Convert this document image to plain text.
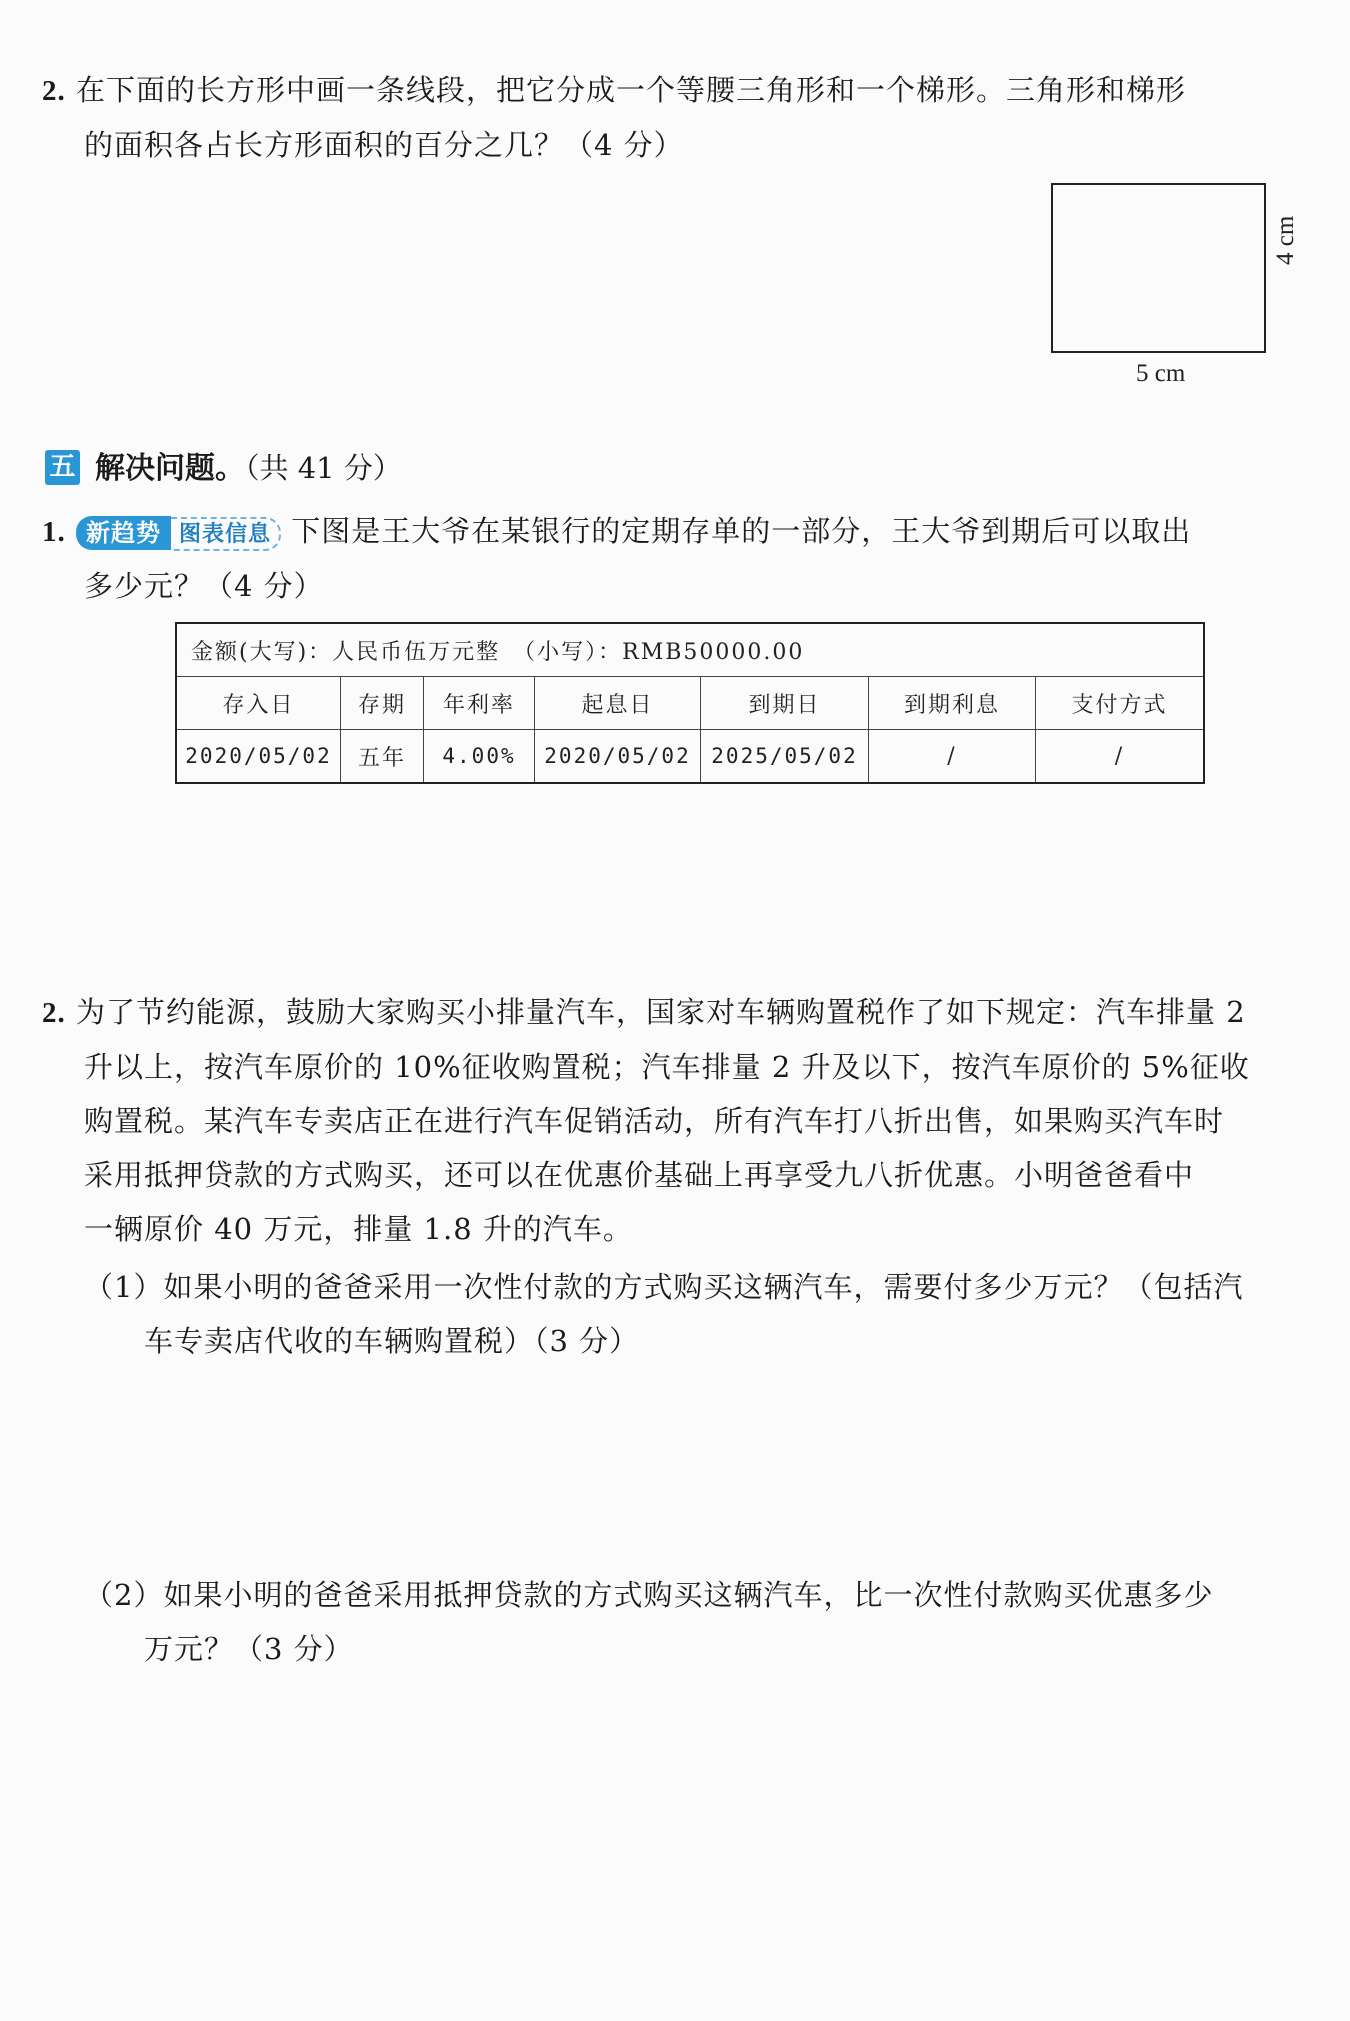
2. 在下面的长方形中画一条线段，把它分成一个等腰三角形和一个梯形。三角形和梯形
的面积各占长方形面积的百分之几？（4 分）
5 cm
4 cm
五 解决问题。（共 41 分）
1. 新趋势 图表信息 下图是王大爷在某银行的定期存单的一部分，王大爷到期后可以取出
多少元？（4 分）
金额(大写)：人民币伍万元整　（小写）：RMB50000.00						
存入日	存期	年利率	起息日	到期日	到期利息	支付方式
2020/05/02	五年	4.00%	2020/05/02	2025/05/02	/	/
2. 为了节约能源，鼓励大家购买小排量汽车，国家对车辆购置税作了如下规定：汽车排量 2
升以上，按汽车原价的 10%征收购置税；汽车排量 2 升及以下，按汽车原价的 5%征收
购置税。某汽车专卖店正在进行汽车促销活动，所有汽车打八折出售，如果购买汽车时
采用抵押贷款的方式购买，还可以在优惠价基础上再享受九八折优惠。小明爸爸看中
一辆原价 40 万元，排量 1.8 升的汽车。
（1）如果小明的爸爸采用一次性付款的方式购买这辆汽车，需要付多少万元？（包括汽
车专卖店代收的车辆购置税）（3 分）
（2）如果小明的爸爸采用抵押贷款的方式购买这辆汽车，比一次性付款购买优惠多少
万元？（3 分）
